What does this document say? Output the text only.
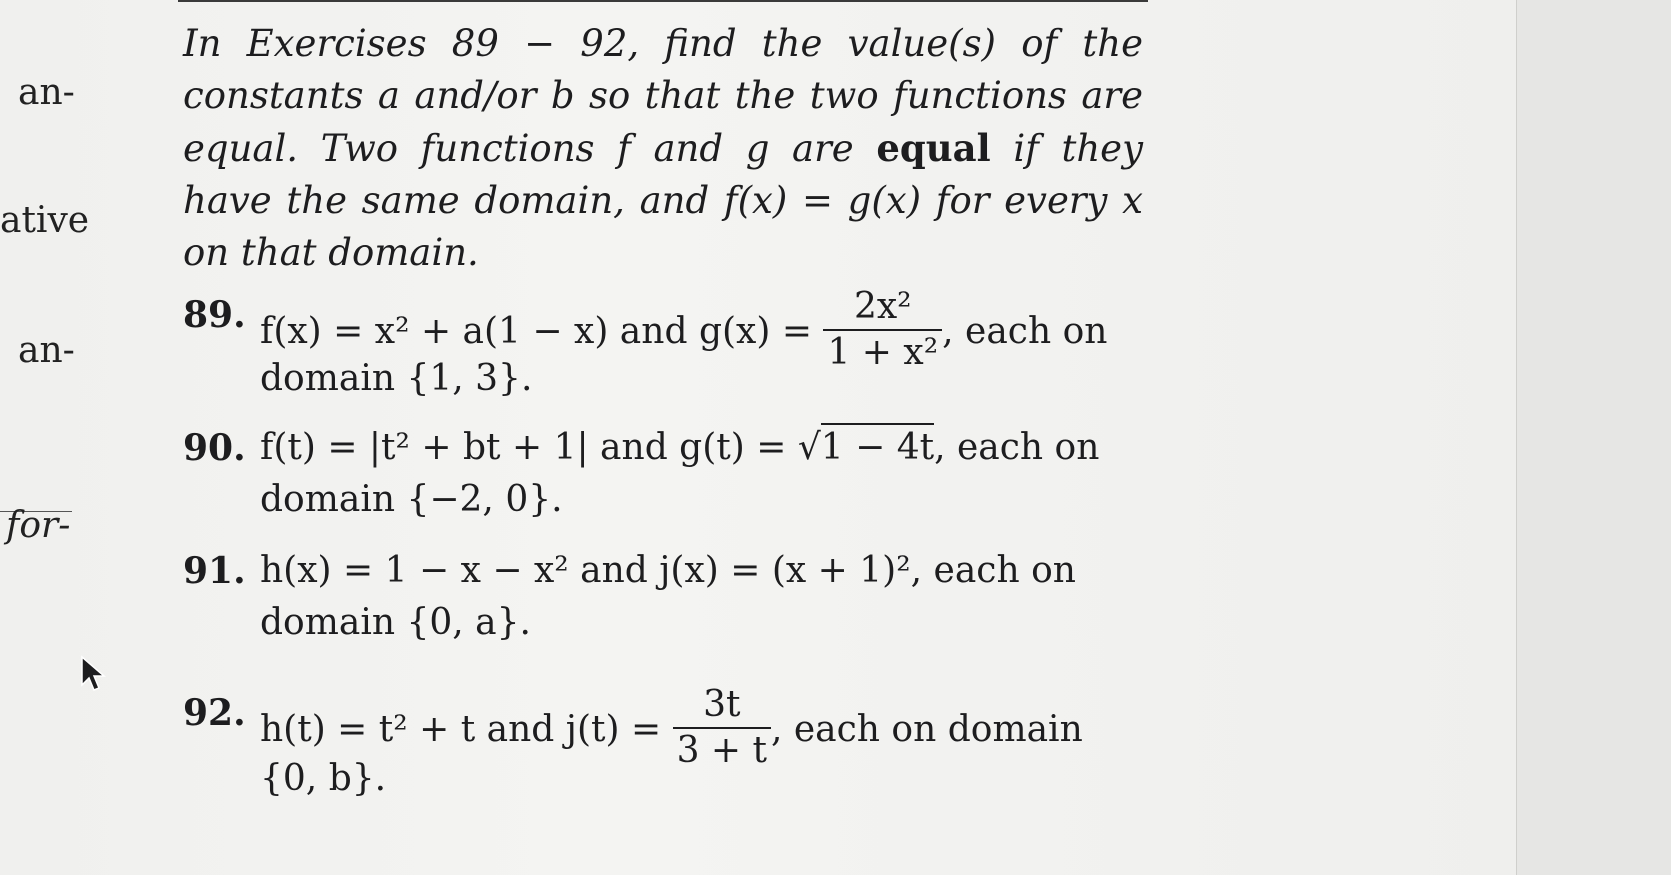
an-
ative
an-
for-
In Exercises 89 − 92, find the value(s) of the constants a and/or b so that the two functions are equal. Two functions f and g are equal if they have the same domain, and f(x) = g(x) for every x on that domain.
89. f(x) = x² + a(1 − x) and $g(x) = \frac{\text{2x²}}{\text{1 + x²}}$ , each on
domain {1, 3}.
90. f(t) = |t² + bt + 1| and g(t) = √1 − 4t, each on
domain {−2, 0}.
91. h(x) = 1 − x − x² and j(x) = (x + 1)², each on
domain {0, a}.
92. h(t) = t² + t and $j(t) = \frac{3t}{3 + t}$ , each on domain
{0, b}.
